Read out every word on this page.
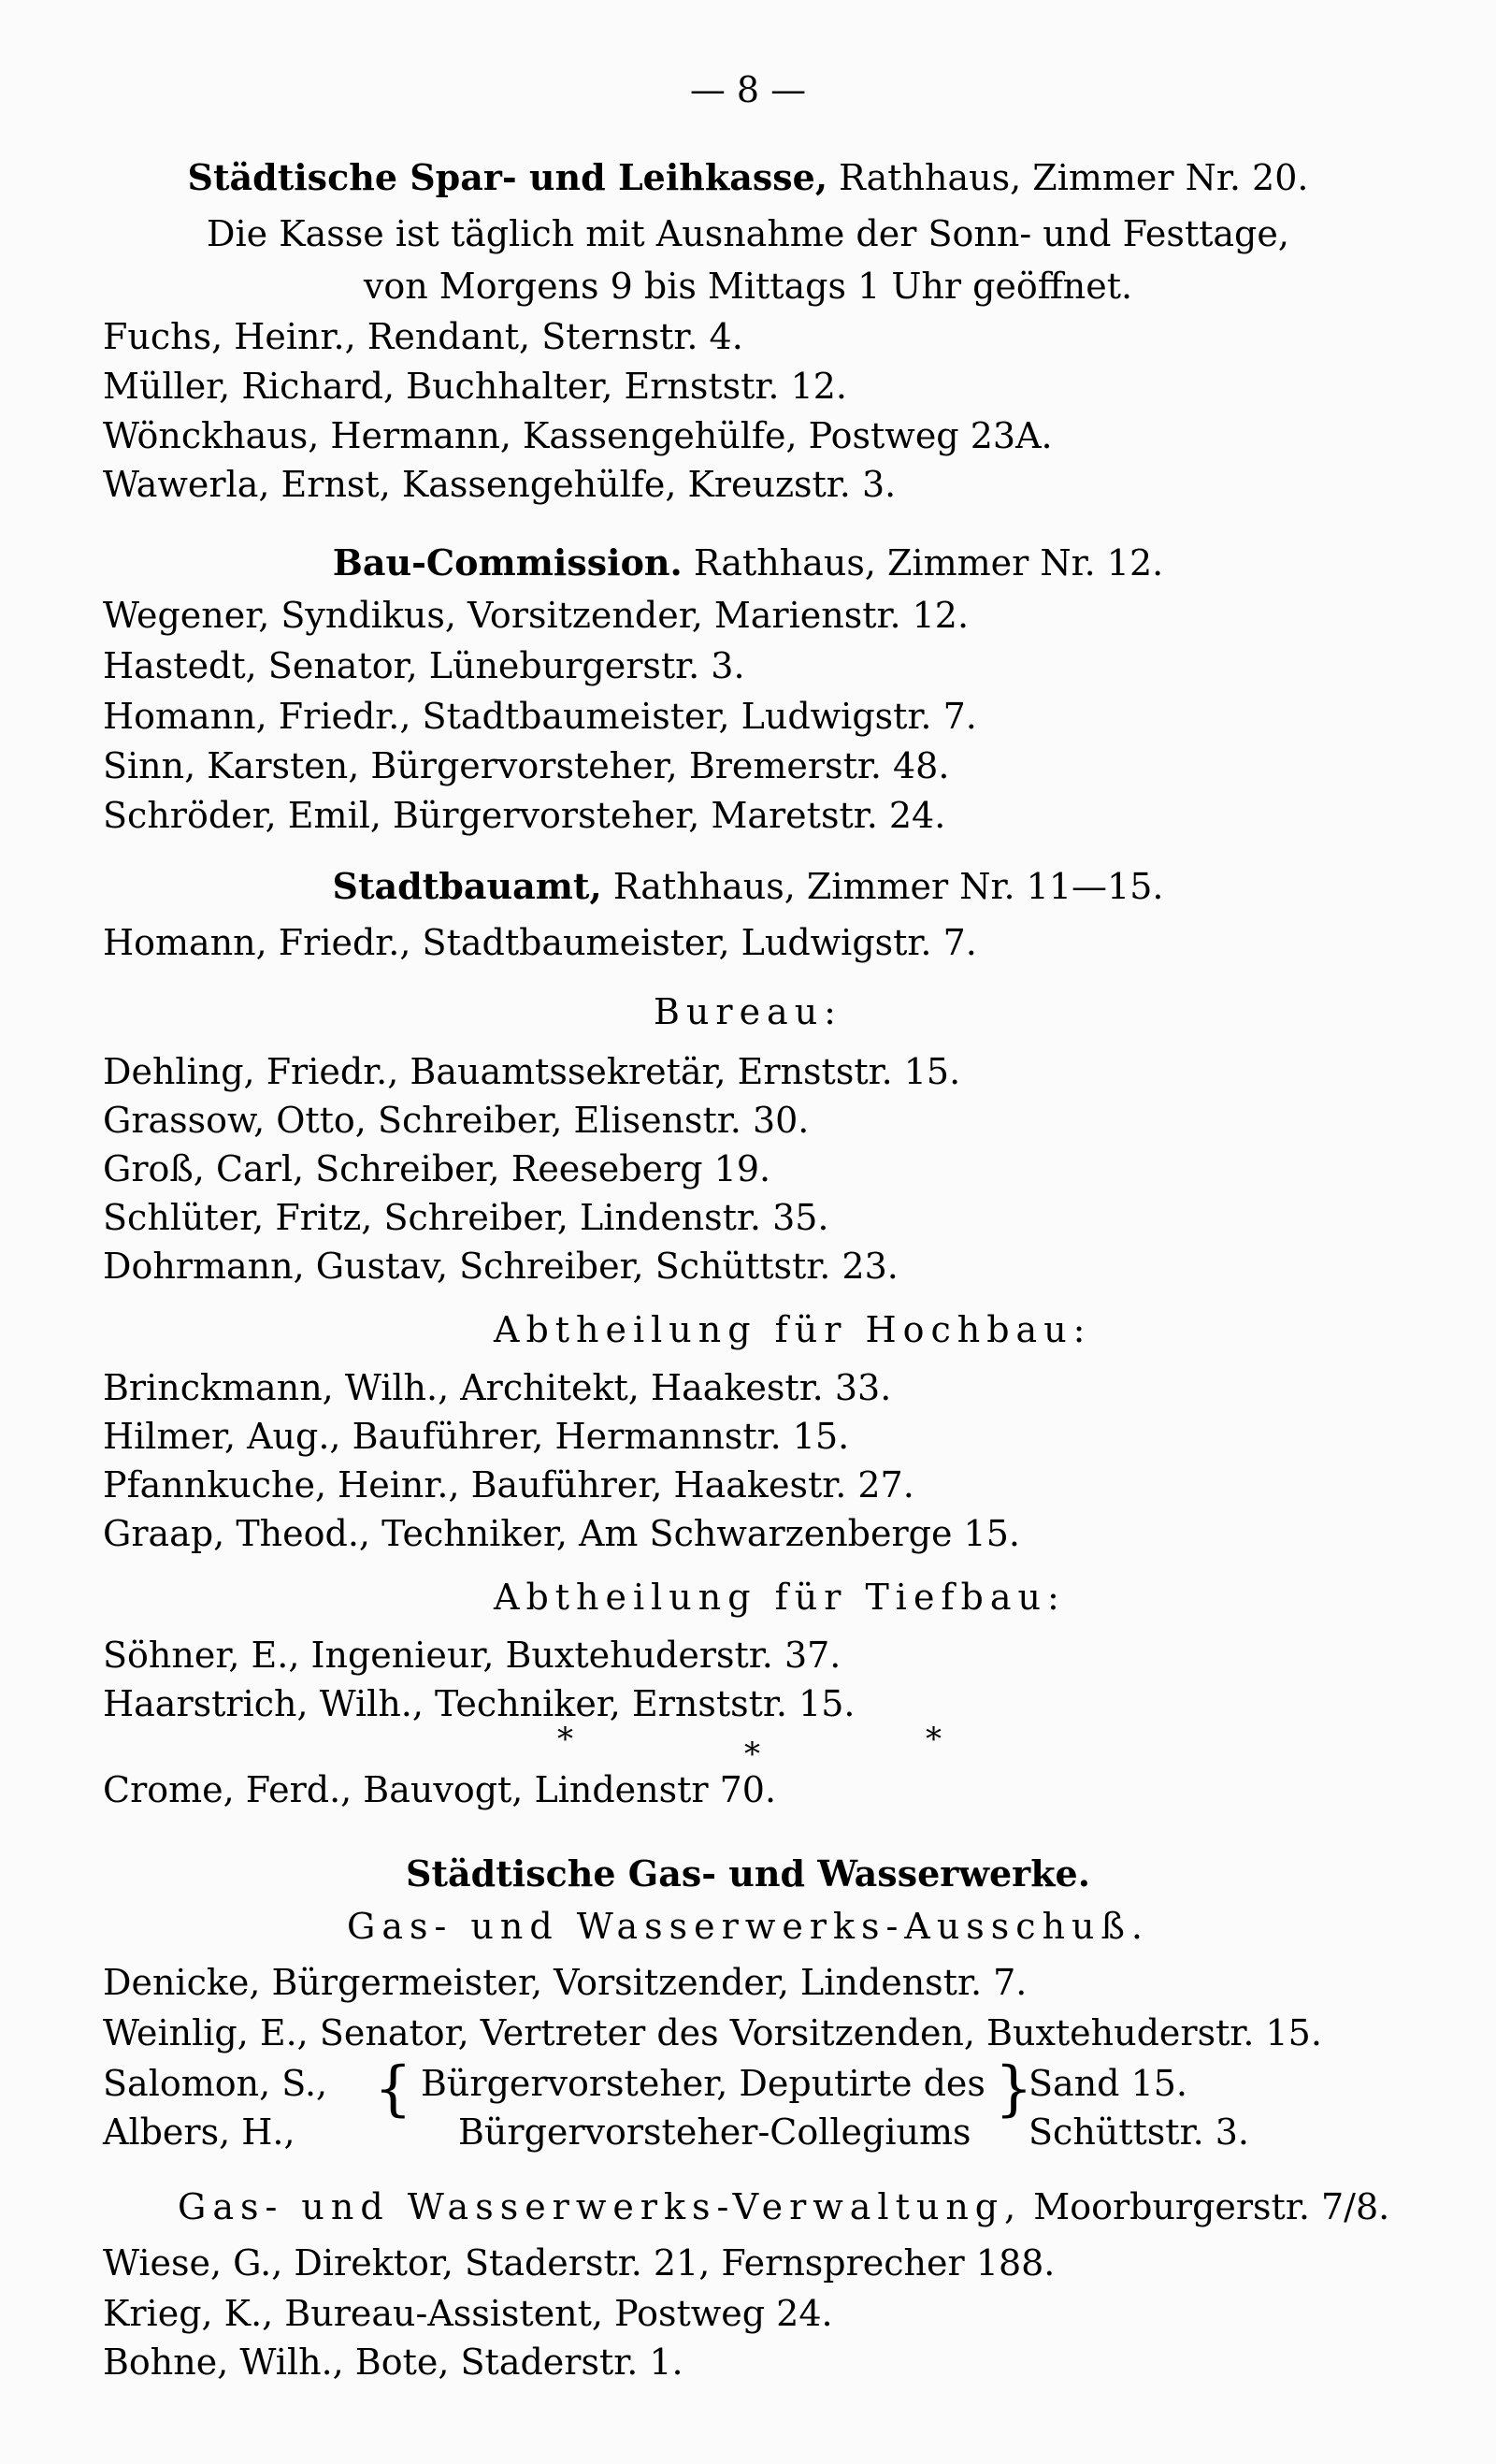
— 8 —
Städtische Spar- und Leihkasse, Rathhaus, Zimmer Nr. 20.
Die Kasse ist täglich mit Ausnahme der Sonn- und Festtage,
von Morgens 9 bis Mittags 1 Uhr geöffnet.
Fuchs, Heinr., Rendant, Sternstr. 4.
Müller, Richard, Buchhalter, Ernststr. 12.
Wönckhaus, Hermann, Kassengehülfe, Postweg 23A.
Wawerla, Ernst, Kassengehülfe, Kreuzstr. 3.
Bau-Commission. Rathhaus, Zimmer Nr. 12.
Wegener, Syndikus, Vorsitzender, Marienstr. 12.
Hastedt, Senator, Lüneburgerstr. 3.
Homann, Friedr., Stadtbaumeister, Ludwigstr. 7.
Sinn, Karsten, Bürgervorsteher, Bremerstr. 48.
Schröder, Emil, Bürgervorsteher, Maretstr. 24.
Stadtbauamt, Rathhaus, Zimmer Nr. 11—15.
Homann, Friedr., Stadtbaumeister, Ludwigstr. 7.
Bureau:
Dehling, Friedr., Bauamtssekretär, Ernststr. 15.
Grassow, Otto, Schreiber, Elisenstr. 30.
Groß, Carl, Schreiber, Reeseberg 19.
Schlüter, Fritz, Schreiber, Lindenstr. 35.
Dohrmann, Gustav, Schreiber, Schüttstr. 23.
Abtheilung für Hochbau:
Brinckmann, Wilh., Architekt, Haakestr. 33.
Hilmer, Aug., Bauführer, Hermannstr. 15.
Pfannkuche, Heinr., Bauführer, Haakestr. 27.
Graap, Theod., Techniker, Am Schwarzenberge 15.
Abtheilung für Tiefbau:
Söhner, E., Ingenieur, Buxtehuderstr. 37.
Haarstrich, Wilh., Techniker, Ernststr. 15.
*	*	*
Crome, Ferd., Bauvogt, Lindenstr 70.
Städtische Gas- und Wasserwerke.
Gas- und Wasserwerks-Ausschuß.
Denicke, Bürgermeister, Vorsitzender, Lindenstr. 7.
Weinlig, E., Senator, Vertreter des Vorsitzenden, Buxtehuderstr. 15.
Salomon, S.,
Albers, H.,
{ Bürgervorsteher, Deputirte des
Bürgervorsteher-Collegiums
}
Sand 15.
Schüttstr. 3.
Gas- und Wasserwerks-Verwaltung, Moorburgerstr. 7/8.
Wiese, G., Direktor, Staderstr. 21, Fernsprecher 188.
Krieg, K., Bureau-Assistent, Postweg 24.
Bohne, Wilh., Bote, Staderstr. 1.
